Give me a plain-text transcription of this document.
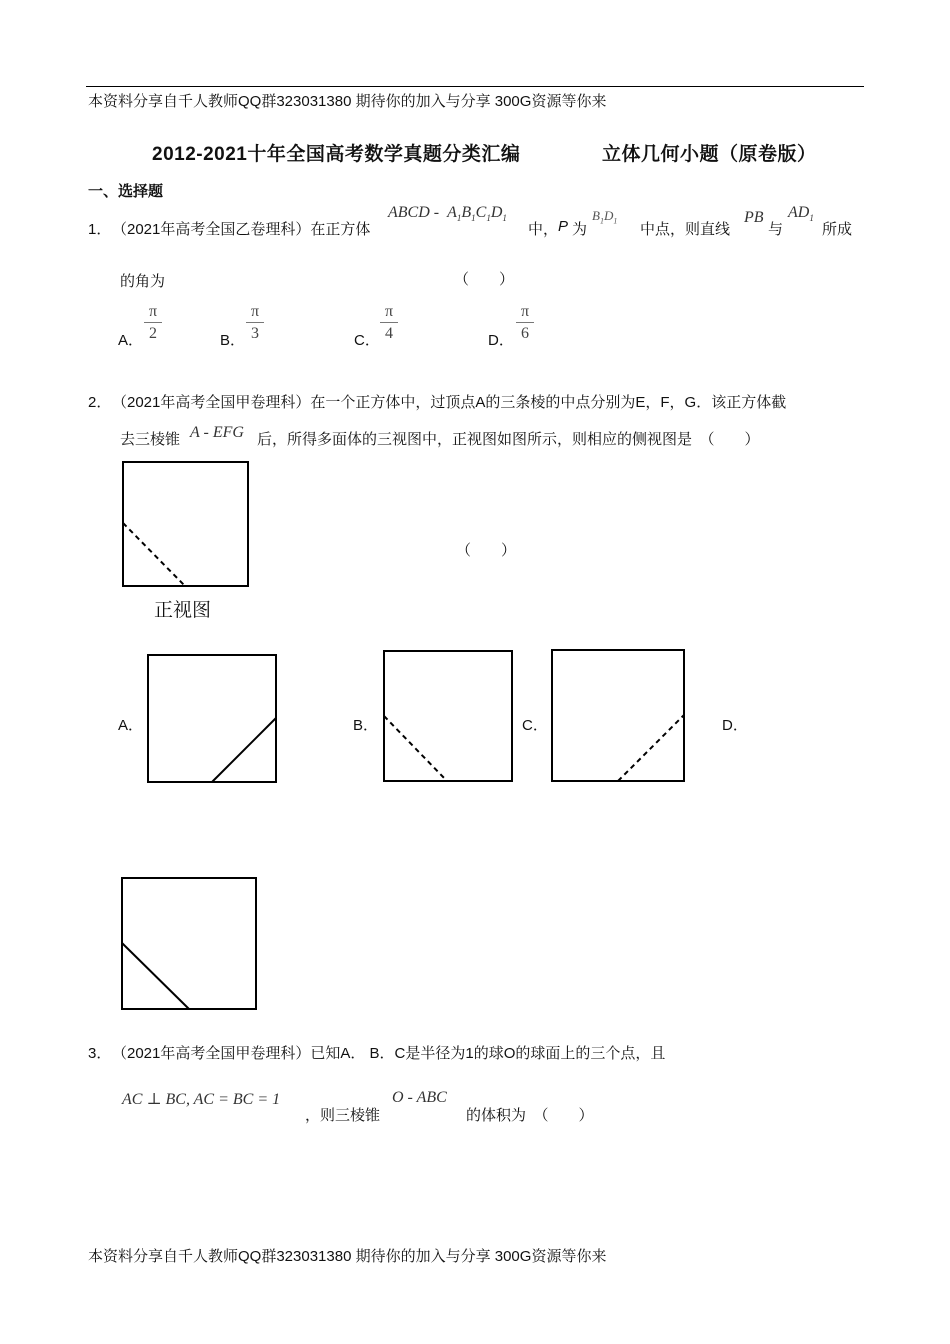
本资料分享自千人教师QQ群323031380 期待你的加入与分享 300G资源等你来
2012-2021十年全国高考数学真题分类汇编	立体几何小题（原卷版）
一、选择题
1． （2021年高考全国乙卷理科）在正方体
ABCD -  $A_1B_1C_1D_1$
中， P 为
$B_1D_1$ 中点，则直线
PB
与
$AD_1$
所成
的角为	（　　）
A．
π
2	B．
π
3	C．
π
4	D．
π
6
2． （2021年高考全国甲卷理科）在一个正方体中，过顶点A的三条棱的中点分别为E，F，G．该正方体截
去三棱锥 A - EFG 后，所得多面体的三视图中，正视图如图所示，则相应的侧视图是　（　　）
正视图
（　　）
A．	B．	C．	D．
3． （2021年高考全国甲卷理科）已知A． B．C是半径为1的球O的球面上的三个点，且
AC ⊥ BC, AC = BC = 1
，则三棱锥
O - ABC
的体积为　（　　）
本资料分享自千人教师QQ群323031380 期待你的加入与分享 300G资源等你来
